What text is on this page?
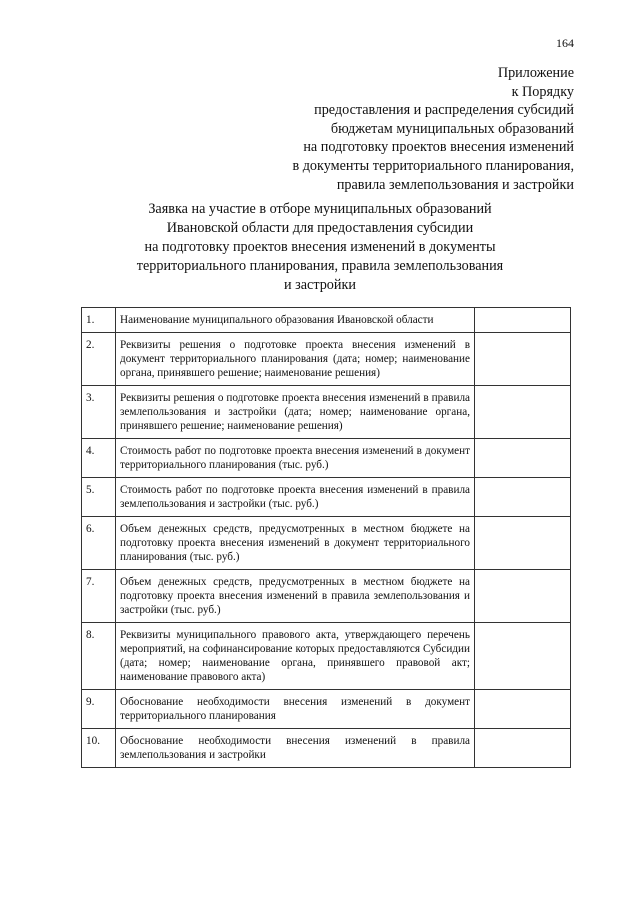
164
Приложение
к Порядку
предоставления и распределения субсидий
бюджетам муниципальных образований
на подготовку проектов внесения изменений
в документы территориального планирования,
правила землепользования и застройки
Заявка на участие в отборе муниципальных образований
Ивановской области для предоставления субсидии
на подготовку проектов внесения изменений в документы
территориального планирования, правила землепользования
и застройки
1.	Наименование муниципального образования Ивановской области	
2.	Реквизиты решения о подготовке проекта внесения изменений в документ территориального планирования (дата; номер; наименование органа, принявшего решение; наименование решения)	
3.	Реквизиты решения о подготовке проекта внесения изменений в правила землепользования и застройки (дата; номер; наименование органа, принявшего решение; наименование решения)	
4.	Стоимость работ по подготовке проекта внесения изменений в документ территориального планирования (тыс. руб.)	
5.	Стоимость работ по подготовке проекта внесения изменений в правила землепользования и застройки (тыс. руб.)	
6.	Объем денежных средств, предусмотренных в местном бюджете на подготовку проекта внесения изменений в документ территориального планирования (тыс. руб.)	
7.	Объем денежных средств, предусмотренных в местном бюджете на подготовку проекта внесения изменений в правила землепользования и застройки (тыс. руб.)	
8.	Реквизиты муниципального правового акта, утверждающего перечень мероприятий, на софинансирование которых предоставляются Субсидии (дата; номер; наименование органа, принявшего правовой акт; наименование правового акта)	
9.	Обоснование необходимости внесения изменений в документ территориального планирования	
10.	Обоснование необходимости внесения изменений в правила землепользования и застройки	
